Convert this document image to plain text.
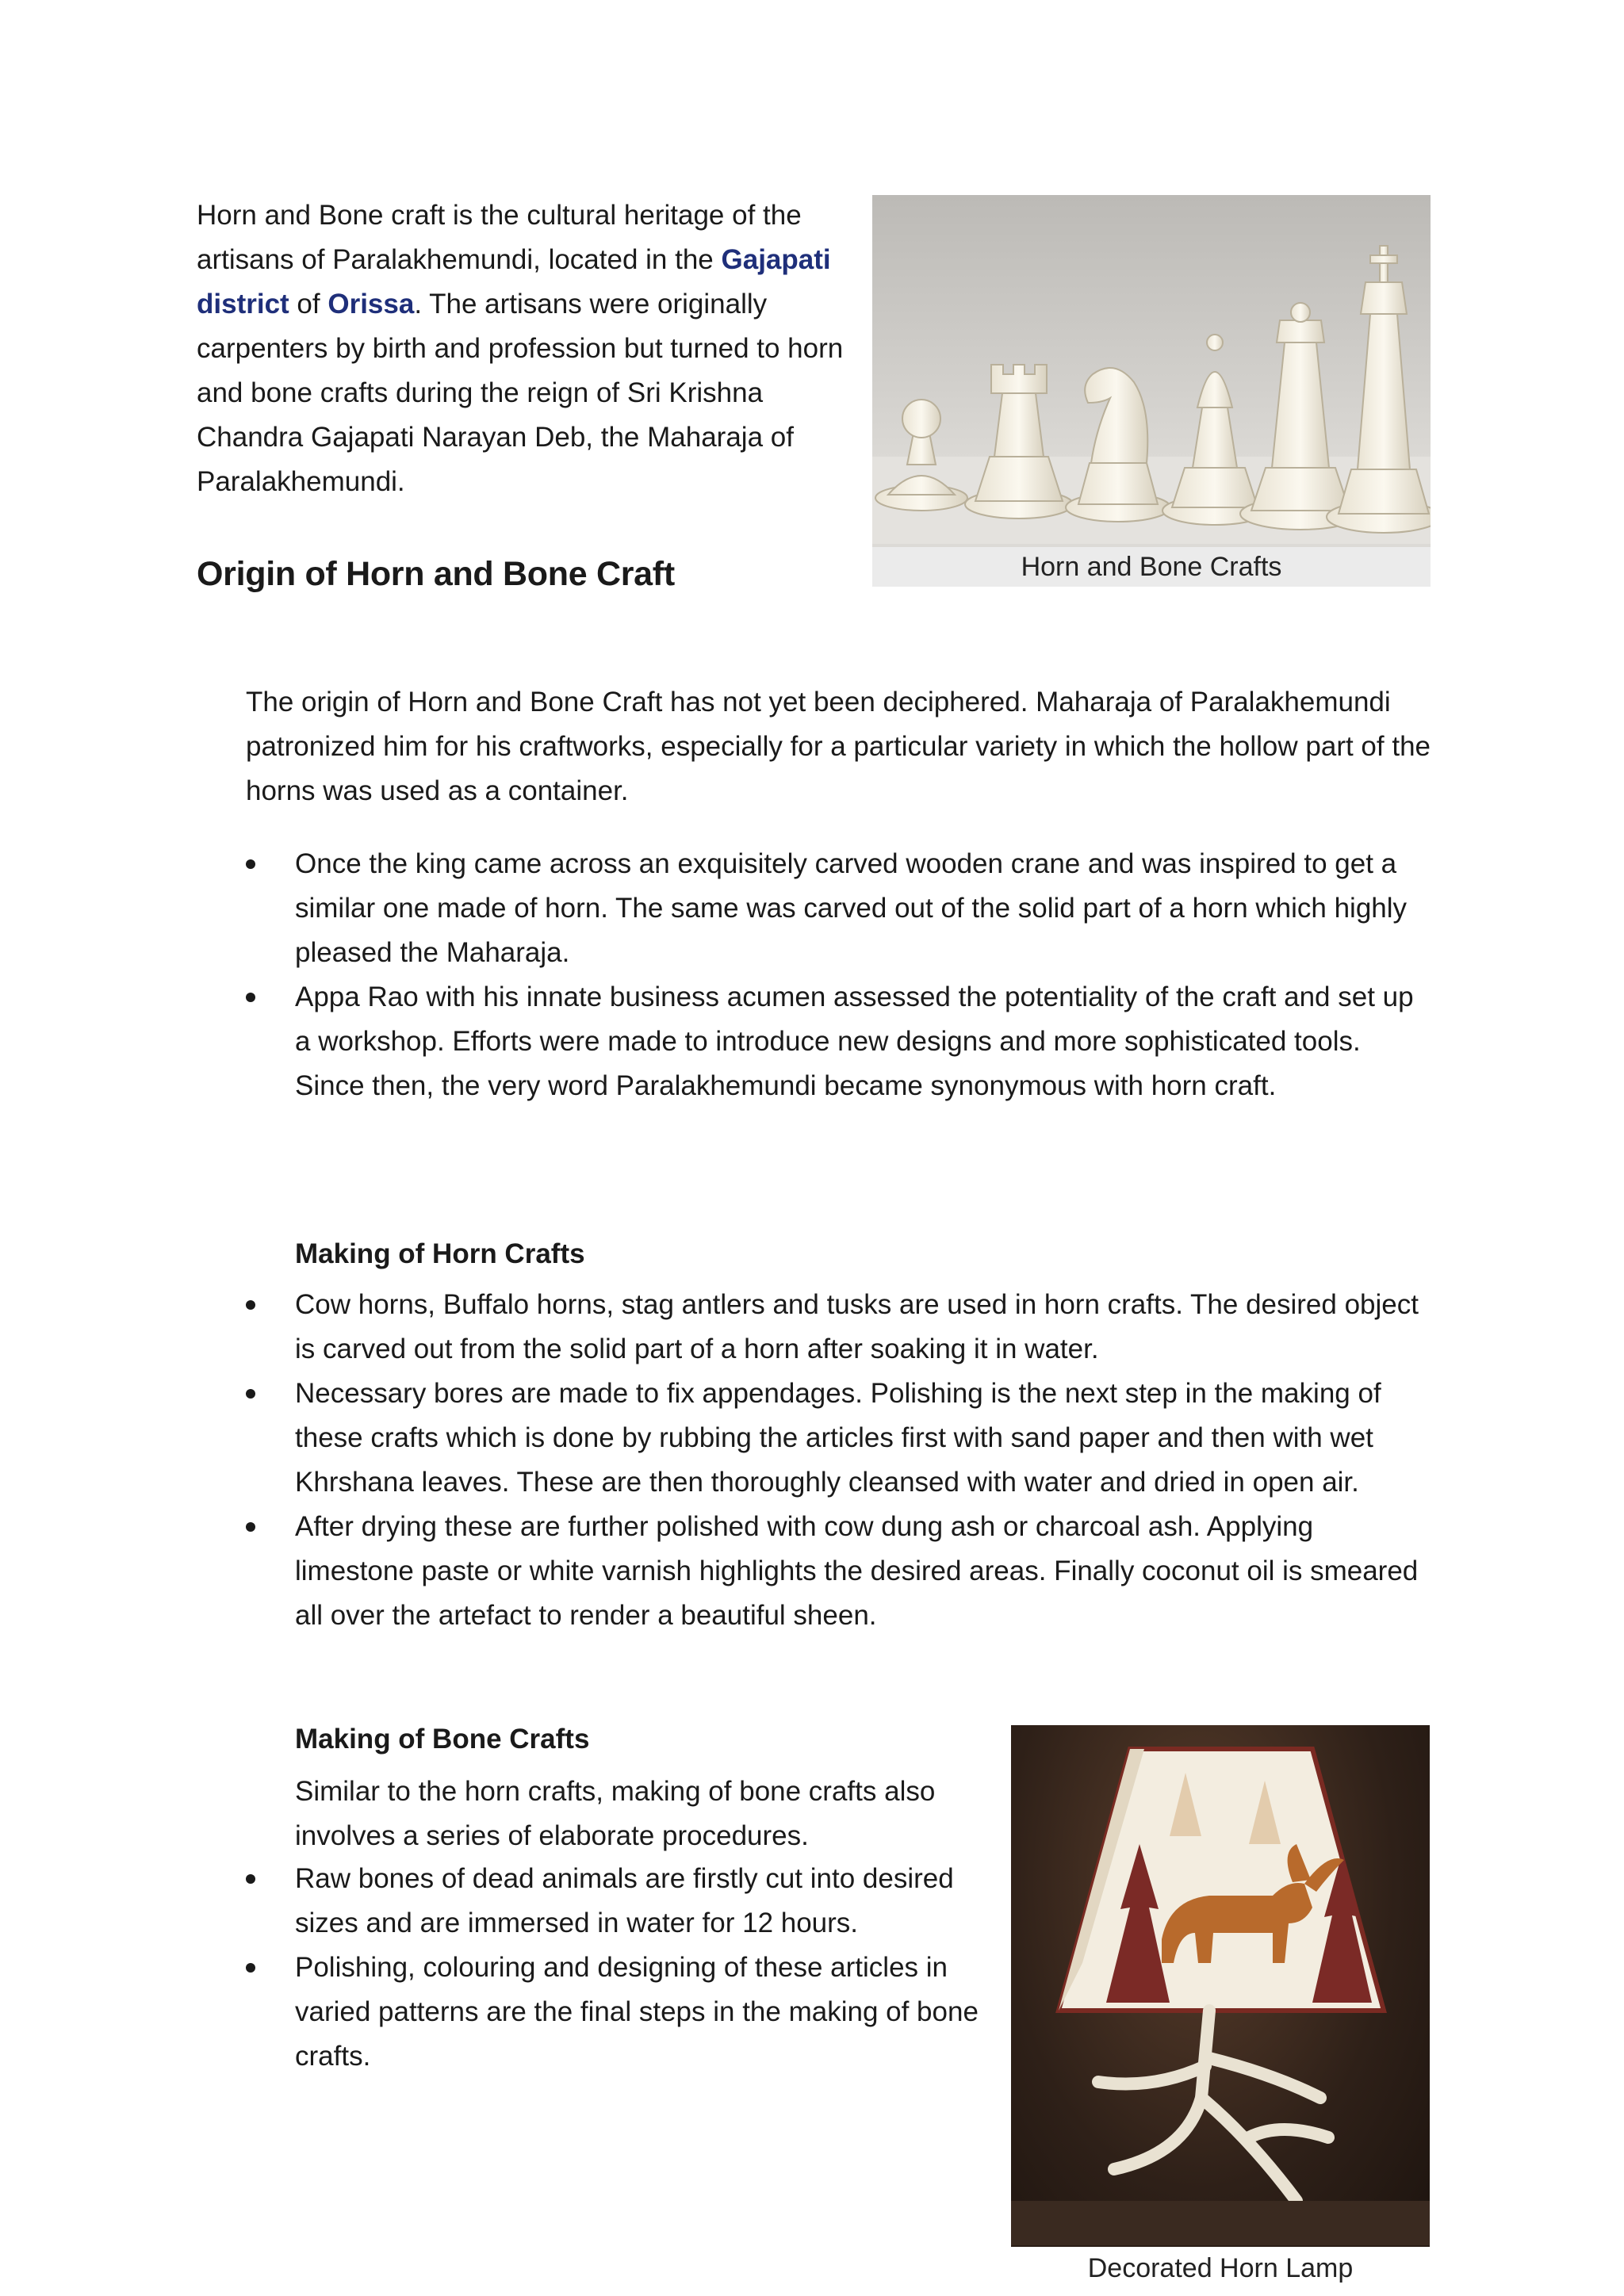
Horn and Bone craft is the cultural heritage of the artisans of Paralakhemundi, located in the Gajapati district of Orissa. The artisans were originally carpenters by birth and profession but turned to horn and bone crafts during the reign of Sri Krishna Chandra Gajapati Narayan Deb, the Maharaja of Paralakhemundi.

Horn and Bone Crafts
Origin of Horn and Bone Craft

The origin of Horn and Bone Craft has not yet been deciphered. Maharaja of Paralakhemundi patronized him for his craftworks, especially for a particular variety in which the hollow part of the horns was used as a container.

Once the king came across an exquisitely carved wooden crane and was inspired to get a similar one made of horn. The same was carved out of the solid part of a horn which highly pleased the Maharaja.
Appa Rao with his innate business acumen assessed the potentiality of the craft and set up a workshop. Efforts were made to introduce new designs and more sophisticated tools. Since then, the very word Paralakhemundi became synonymous with horn craft.
Making of Horn Crafts
Cow horns, Buffalo horns, stag antlers and tusks are used in horn crafts. The desired object is carved out from the solid part of a horn after soaking it in water.
Necessary bores are made to fix appendages. Polishing is the next step in the making of these crafts which is done by rubbing the articles first with sand paper and then with wet Khrshana leaves. These are then thoroughly cleansed with water and dried in open air.
After drying these are further polished with cow dung ash or charcoal ash. Applying limestone paste or white varnish highlights the desired areas. Finally coconut oil is smeared all over the artefact to render a beautiful sheen.
Making of Bone Crafts

Similar to the horn crafts, making of bone crafts also involves a series of elaborate procedures.

Raw bones of dead animals are firstly cut into desired sizes and are immersed in water for 12 hours.
Polishing, colouring and designing of these articles in varied patterns are the final steps in the making of bone crafts.
Decorated Horn Lamp
